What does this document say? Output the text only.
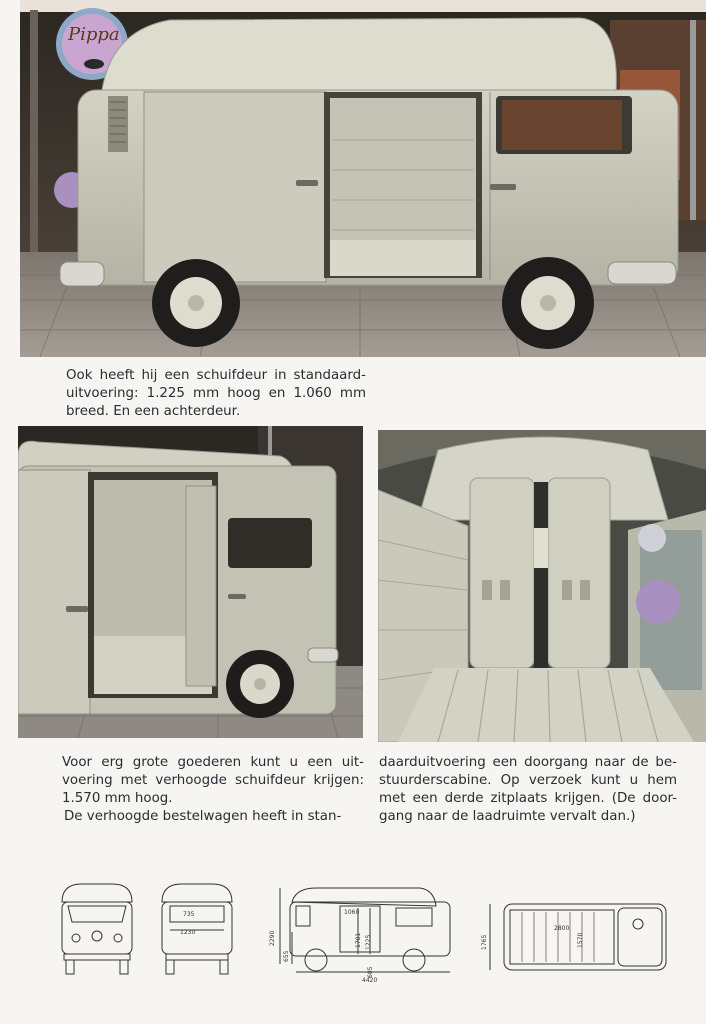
Pippa

Ook heeft hij een schuifdeur in standaard-uitvoering: 1.225 mm hoog en 1.060 mm breed. En een achterdeur.

Voor erg grote goederen kunt u een uit-voering met verhoogde schuifdeur krijgen: 1.570 mm hoog.

De verhoogde bestelwagen heeft in stan-

daarduitvoering een doorgang naar de be-stuurderscabine. Op verzoek kunt u hem met een derde zitplaats krijgen. (De door-gang naar de laadruimte vervalt dan.)

735
1230	2290
655
1781 1225
1060
605
4420
2800
1570
1765
